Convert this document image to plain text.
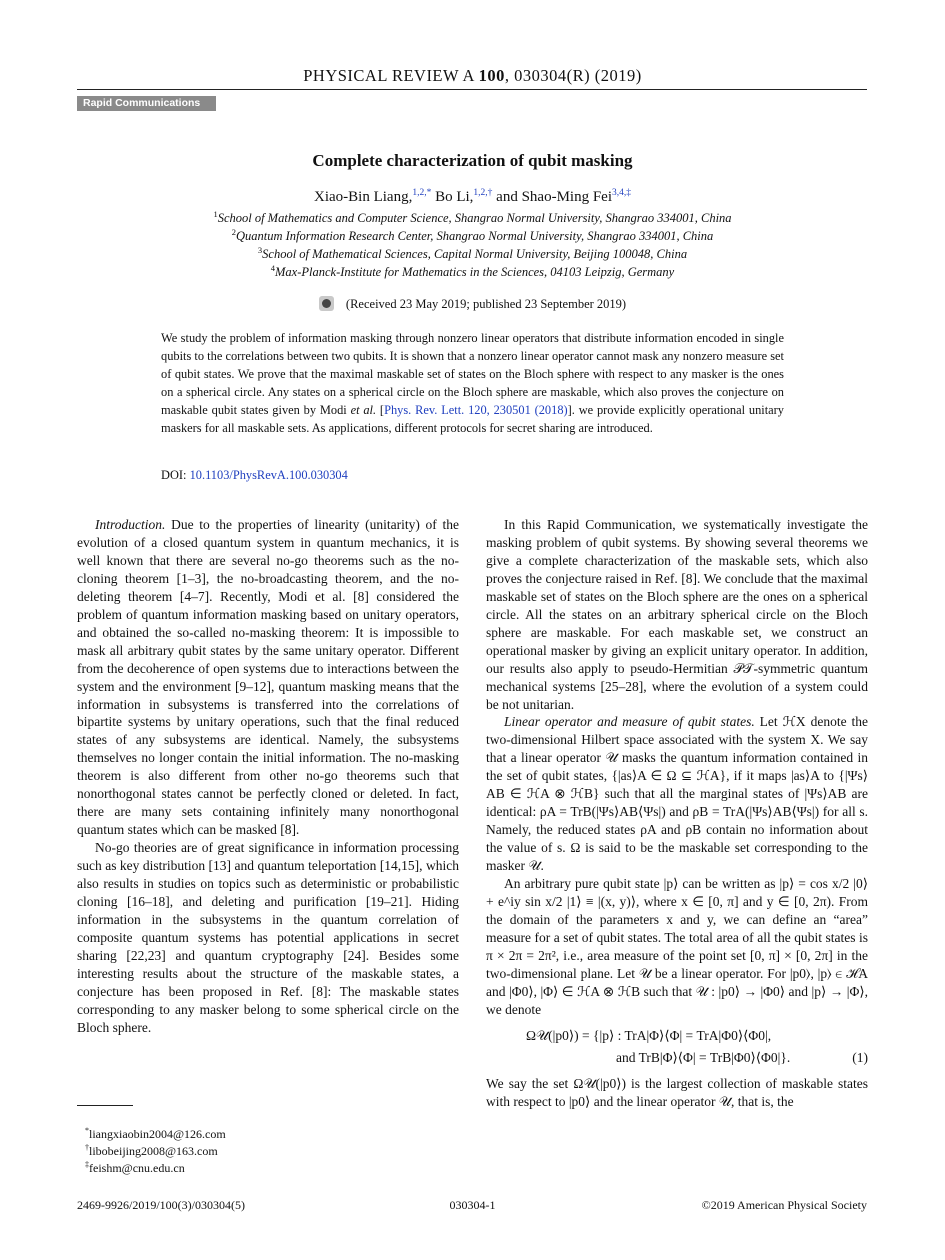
PHYSICAL REVIEW A 100, 030304(R) (2019)
Rapid Communications
Complete characterization of qubit masking
Xiao-Bin Liang,$^{1,2,*}$ Bo Li,$^{1,2,\dagger}$ and Shao-Ming Fei$^{3,4,\ddagger}$
$^1$School of Mathematics and Computer Science, Shangrao Normal University, Shangrao 334001, China
$^2$Quantum Information Research Center, Shangrao Normal University, Shangrao 334001, China
$^3$School of Mathematical Sciences, Capital Normal University, Beijing 100048, China
$^4$Max-Planck-Institute for Mathematics in the Sciences, 04103 Leipzig, Germany
(Received 23 May 2019; published 23 September 2019)
We study the problem of information masking through nonzero linear operators that distribute information encoded in single qubits to the correlations between two qubits. It is shown that a nonzero linear operator cannot mask any nonzero measure set of qubit states. We prove that the maximal maskable set of states on the Bloch sphere with respect to any masker is the ones on a spherical circle. Any states on a spherical circle on the Bloch sphere are maskable, which also proves the conjecture on maskable qubit states given by Modi et al. [Phys. Rev. Lett. 120, 230501 (2018)]. we provide explicitly operational unitary maskers for all maskable sets. As applications, different protocols for secret sharing are introduced.
DOI: 10.1103/PhysRevA.100.030304

Introduction. Due to the properties of linearity (unitarity) of the evolution of a closed quantum system in quantum mechanics, it is well known that there are several no-go theorems such as the no-cloning theorem [1–3], the no-broadcasting theorem, and the no-deleting theorem [4–7]. Recently, Modi et al. [8] considered the problem of quantum information masking based on unitary operators, and obtained the so-called no-masking theorem: It is impossible to mask all arbitrary qubit states by the same unitary operator. Different from the decoherence of open systems due to interactions between the system and the environment [9–12], quantum masking means that the information in subsystems is transferred into the correlations of bipartite systems by unitary operations, such that the final reduced states of any subsystems are identical. Namely, the subsystems themselves no longer contain the initial information. The no-masking theorem is also different from other no-go theorems such that nonorthogonal states cannot be perfectly cloned or deleted. In fact, there are many sets containing infinitely many nonorthogonal quantum states which can be masked [8].

No-go theories are of great significance in information processing such as key distribution [13] and quantum teleportation [14,15], which also results in studies on topics such as deterministic or probabilistic cloning [16–18], and deleting and purification [19–21]. Hiding information in the subsystems in the quantum correlation of composite quantum systems has potential applications in secret sharing [22,23] and quantum cryptography [24]. Besides some interesting results about the structure of the maskable states, a conjecture has been proposed in Ref. [8]: The maskable states corresponding to any masker belong to some spherical circle on the Bloch sphere.

In this Rapid Communication, we systematically investigate the masking problem of qubit systems. By showing several theorems we give a complete characterization of the maskable sets, which also proves the conjecture raised in Ref. [8]. We conclude that the maximal maskable set of states on the Bloch sphere are the ones on a spherical circle. All the states on an arbitrary spherical circle on the Bloch sphere are maskable. For each maskable set, we construct an operational masker by giving an explicit unitary operator. In addition, our results also apply to pseudo-Hermitian 𝒫𝒯-symmetric quantum mechanical systems [25–28], where the evolution of a system could be not unitarian.

Linear operator and measure of qubit states. Let ℋX denote the two-dimensional Hilbert space associated with the system X. We say that a linear operator 𝒰 masks the quantum information contained in the set of qubit states, {|as⟩A ∈ Ω ⊆ ℋA}, if it maps |as⟩A to {|Ψs⟩AB ∈ ℋA ⊗ ℋB} such that all the marginal states of |Ψs⟩AB are identical: ρA = TrB(|Ψs⟩AB⟨Ψs|) and ρB = TrA(|Ψs⟩AB⟨Ψs|) for all s. Namely, the reduced states ρA and ρB contain no information about the value of s. Ω is said to be the maskable set corresponding to the masker 𝒰.

An arbitrary pure qubit state |p⟩ can be written as |p⟩ = cos x/2 |0⟩ + e^iy sin x/2 |1⟩ ≡ |(x, y)⟩, where x ∈ [0, π] and y ∈ [0, 2π). From the domain of the parameters x and y, we can define an “area” measure for a set of qubit states. The total area of all the qubit states is π × 2π = 2π², i.e., area measure of the point set [0, π] × [0, 2π] in the two-dimensional plane. Let 𝒰 be a linear operator. For |p0⟩, |p⟩ ∈ ℋA and |Φ0⟩, |Φ⟩ ∈ ℋA ⊗ ℋB such that 𝒰 : |p0⟩ → |Φ0⟩ and |p⟩ → |Φ⟩, we denote

Ω𝒰(|p0⟩) = {|p⟩ : TrA|Φ⟩⟨Φ| = TrA|Φ0⟩⟨Φ0|,
and TrB|Φ⟩⟨Φ| = TrB|Φ0⟩⟨Φ0|}.	(1)

We say the set Ω𝒰(|p0⟩) is the largest collection of maskable states with respect to |p0⟩ and the linear operator 𝒰, that is, the

*liangxiaobin2004@126.com
†libobeijing2008@163.com
‡feishm@cnu.edu.cn
2469-9926/2019/100(3)/030304(5)	030304-1	©2019 American Physical Society
